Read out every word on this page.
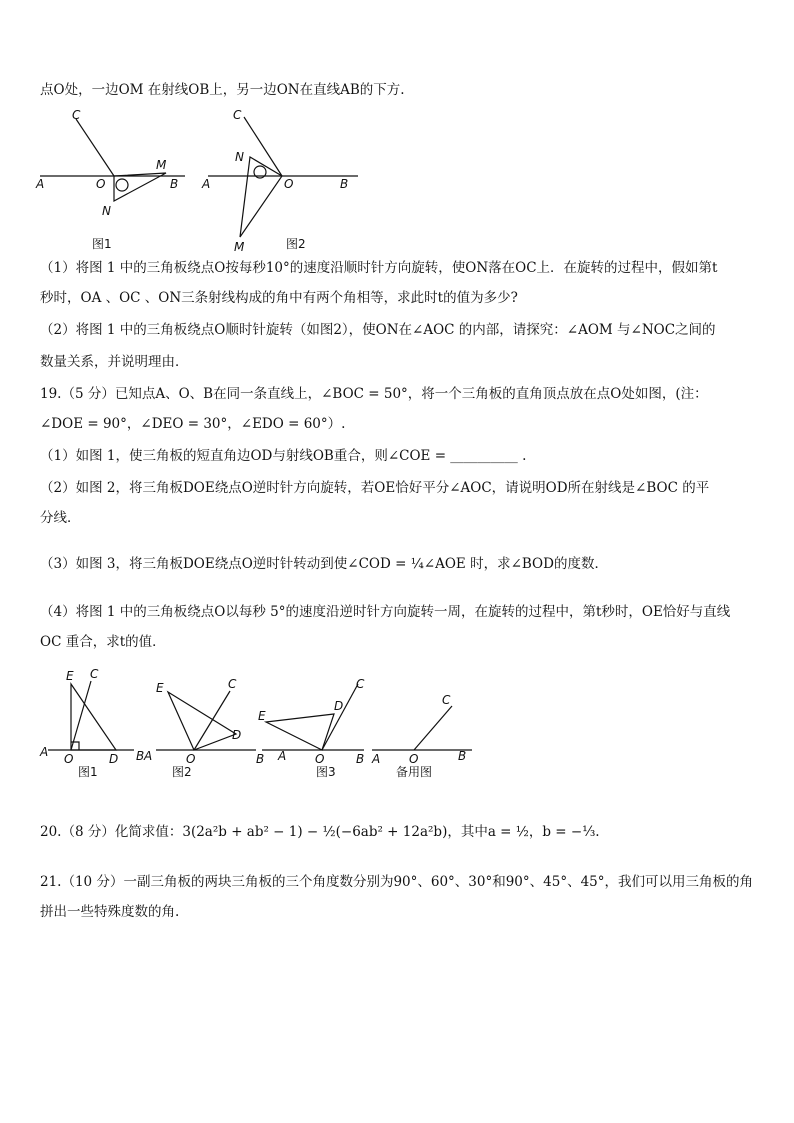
点O处，一边OM 在射线OB上，另一边ON在直线AB的下方.
A	O	B
C
M
N
图1
A	O	B
C
N
M	图2
（1）将图 1 中的三角板绕点O按每秒10°的速度沿顺时针方向旋转，使ON落在OC上．在旋转的过程中，假如第t
秒时，OA 、OC 、ON三条射线构成的角中有两个角相等，求此时t的值为多少?
（2）将图 1 中的三角板绕点O顺时针旋转（如图2），使ON在∠AOC 的内部，请探究：∠AOM 与∠NOC之间的
数量关系，并说明理由．
19.（5 分）已知点A、O、B在同一条直线上，∠BOC = 50°，将一个三角板的直角顶点放在点O处如图，(注：
∠DOE = 90°，∠DEO = 30°，∠EDO = 60°）.
（1）如图 1，使三角板的短直角边OD与射线OB重合，则∠COE = __________ .
（2）如图 2，将三角板DOE绕点O逆时针方向旋转，若OE恰好平分∠AOC，请说明OD所在射线是∠BOC 的平
分线．
（3）如图 3，将三角板DOE绕点O逆时针转动到使∠COD = ¼∠AOE 时，求∠BOD的度数．
（4）将图 1 中的三角板绕点O以每秒 5°的速度沿逆时针方向旋转一周，在旋转的过程中，第t秒时，OE恰好与直线
OC 重合，求t的值．
E C
A O	D B
图1
E	C
D
A	O	B
图2
E
D
C
A O	B
图3
C
A O	B
备用图
20.（8 分）化简求值：3(2a²b + ab² − 1) − ½(−6ab² + 12a²b)，其中a = ½，b = −⅓.
21.（10 分）一副三角板的两块三角板的三个角度数分别为90°、60°、30°和90°、45°、45°，我们可以用三角板的角
拼出一些特殊度数的角.
